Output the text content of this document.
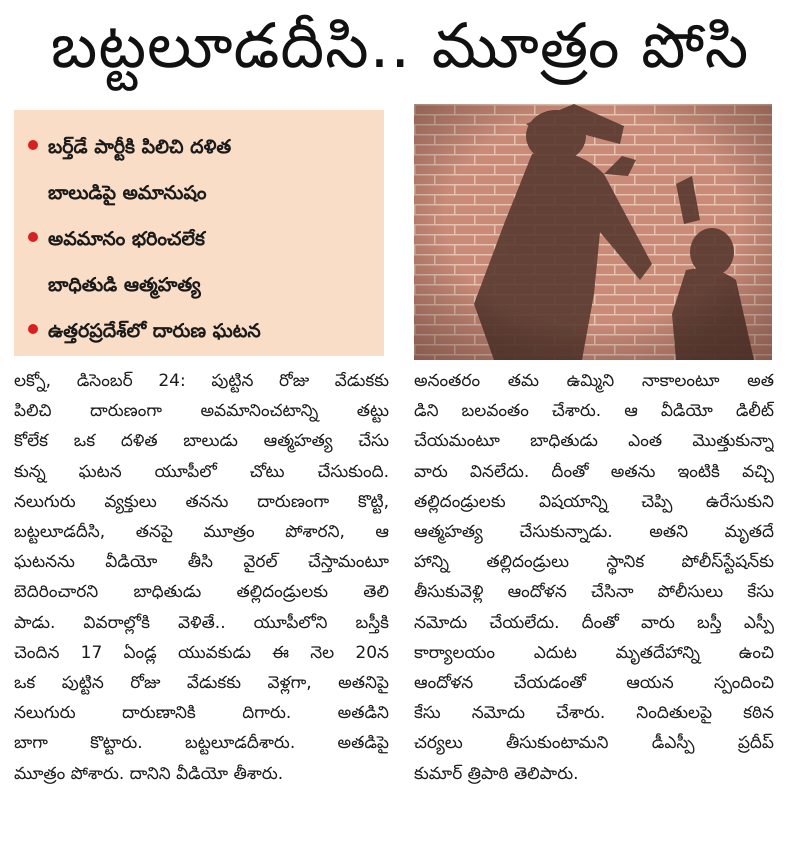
బట్టలూడదీసి.. మూత్రం పోసి
బర్త్‌డే పార్టీకి పిలిచి దళిత
బాలుడిపై అమానుషం
అవమానం భరించలేక
బాధితుడి ఆత్మహత్య
ఉత్తరప్రదేశ్‌లో దారుణ ఘటన
లక్నో, డిసెంబర్ 24: పుట్టిన రోజు వేడుకకు
పిలిచి దారుణంగా అవమానించటాన్ని తట్టు
కోలేక ఒక దళిత బాలుడు ఆత్మహత్య చేసు
కున్న ఘటన యూపీలో చోటు చేసుకుంది.
నలుగురు వ్యక్తులు తనను దారుణంగా కొట్టి,
బట్టలూడదీసి, తనపై మూత్రం పోశారని, ఆ
ఘటనను వీడియో తీసి వైరల్ చేస్తామంటూ
బెదిరించారని బాధితుడు తల్లిదండ్రులకు తెలి
పాడు. వివరాల్లోకి వెళితే.. యూపీలోని బస్తీకి
చెందిన 17 ఏండ్ల యువకుడు ఈ నెల 20న
ఒక పుట్టిన రోజు వేడుకకు వెళ్లగా, అతనిపై
నలుగురు దారుణానికి దిగారు. అతడిని
బాగా కొట్టారు. బట్టలూడదీశారు. అతడిపై
మూత్రం పోశారు. దానిని వీడియో తీశారు.
అనంతరం తమ ఉమ్మిని నాకాలంటూ అత
డిని బలవంతం చేశారు. ఆ వీడియో డిలీట్
చేయమంటూ బాధితుడు ఎంత మొత్తుకున్నా
వారు వినలేదు. దీంతో అతను ఇంటికి వచ్చి
తల్లిదండ్రులకు విషయాన్ని చెప్పి ఉరేసుకుని
ఆత్మహత్య చేసుకున్నాడు. అతని మృతదే
హాన్ని తల్లిదండ్రులు స్థానిక పోలీస్‌స్టేషన్‌కు
తీసుకువెళ్లి ఆందోళన చేసినా పోలీసులు కేసు
నమోదు చేయలేదు. దీంతో వారు బస్తీ ఎస్పీ
కార్యాలయం ఎదుట మృతదేహాన్ని ఉంచి
ఆందోళన చేయడంతో ఆయన స్పందించి
కేసు నమోదు చేశారు. నిందితులపై కఠిన
చర్యలు తీసుకుంటామని డీఎస్పీ ప్రదీప్
కుమార్ త్రిపాఠి తెలిపారు.
